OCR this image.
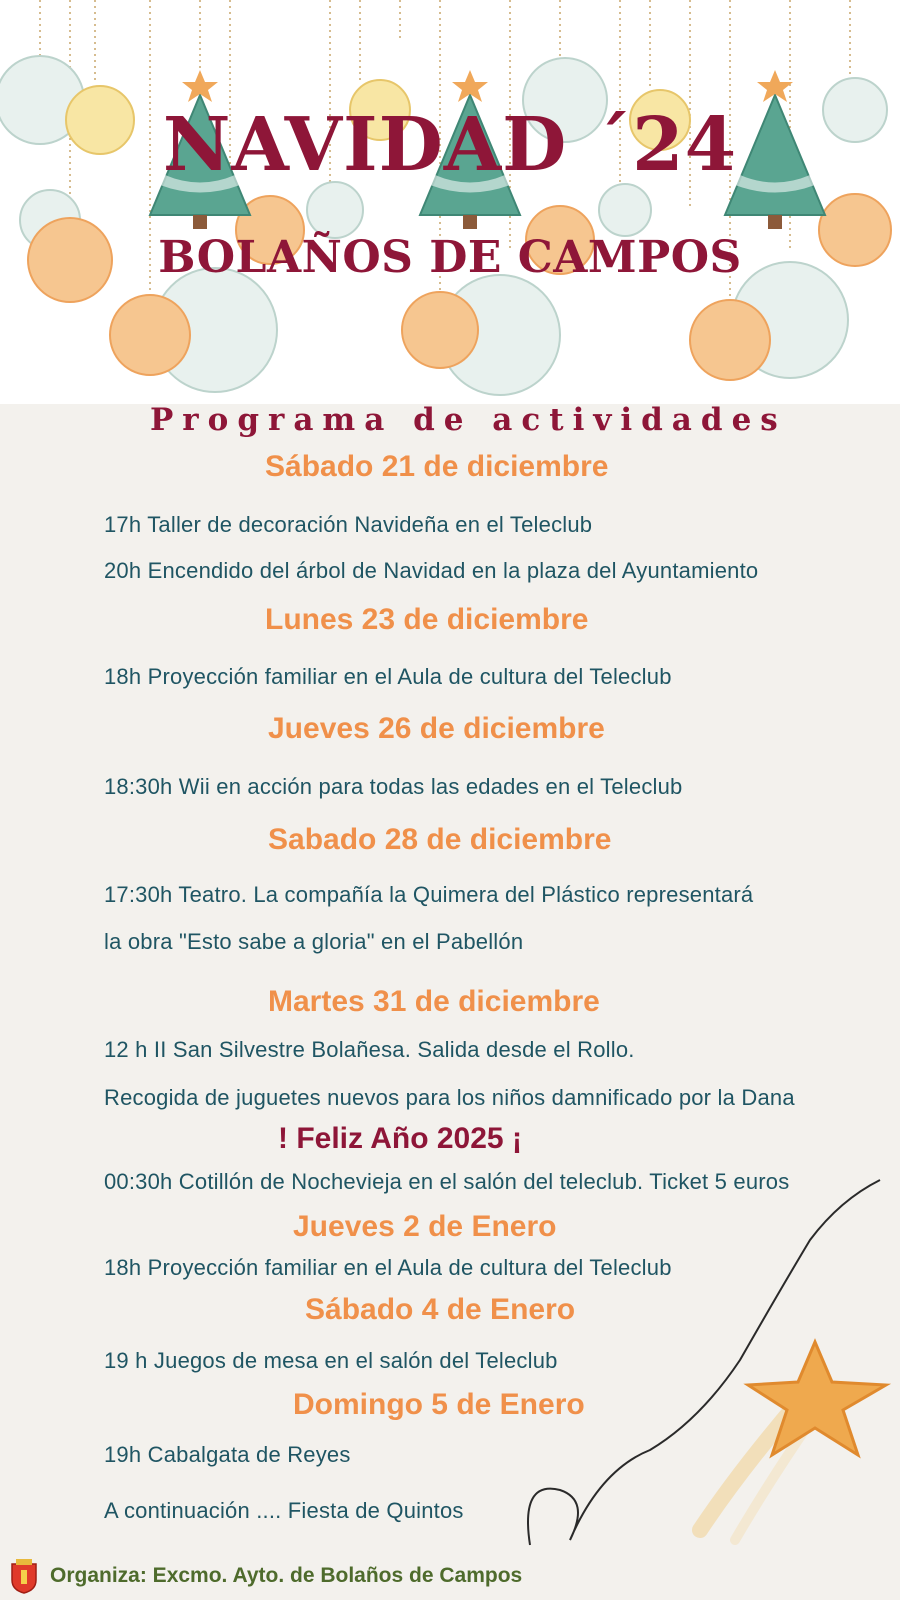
NAVIDAD ´24
BOLAÑOS DE CAMPOS
Programa de actividades

Sábado 21 de diciembre

17h Taller de decoración Navideña en el Teleclub

20h Encendido del árbol de Navidad en la plaza del Ayuntamiento

Lunes 23 de diciembre

18h Proyección familiar en el Aula de cultura del Teleclub

Jueves 26 de diciembre

18:30h Wii en acción para todas las edades en el Teleclub

Sabado 28 de diciembre

17:30h Teatro. La compañía la Quimera del Plástico representará

la obra "Esto sabe a gloria" en el Pabellón

Martes 31 de diciembre

12 h II San Silvestre Bolañesa. Salida desde el Rollo.

Recogida de juguetes nuevos para los niños damnificado por la Dana

! Feliz Año 2025 ¡

00:30h Cotillón de Nochevieja en el salón del teleclub. Ticket 5 euros

Jueves 2 de Enero

18h Proyección familiar en el Aula de cultura del Teleclub

Sábado 4 de Enero

19 h Juegos de mesa en el salón del Teleclub

Domingo 5 de Enero

19h Cabalgata de Reyes

A continuación .... Fiesta de Quintos

Organiza: Excmo. Ayto. de Bolaños de Campos
